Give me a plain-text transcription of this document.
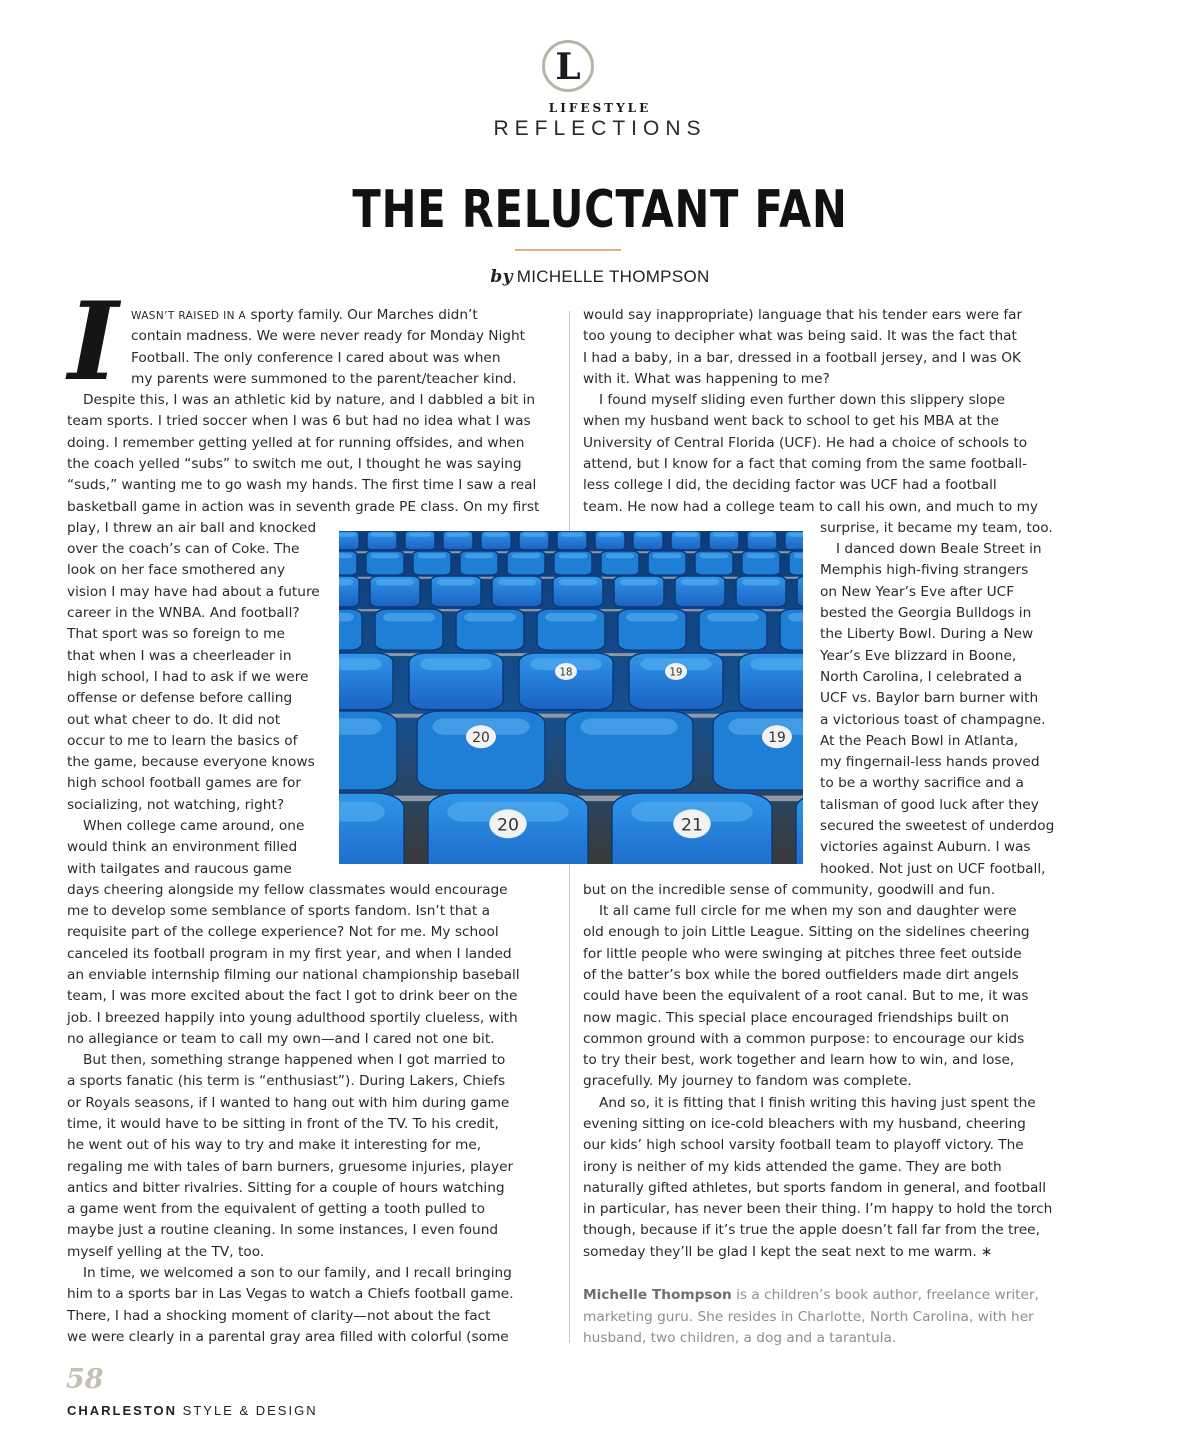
L
LIFESTYLE
REFLECTIONS
THE RELUCTANT FAN
by MICHELLE THOMPSON
I WASN’T RAISED IN A sporty family. Our Marches didn’t
contain madness. We were never ready for Monday Night
Football. The only conference I cared about was when
my parents were summoned to the parent/teacher kind.
Despite this, I was an athletic kid by nature, and I dabbled a bit in
team sports. I tried soccer when I was 6 but had no idea what I was
doing. I remember getting yelled at for running offsides, and when
the coach yelled “subs” to switch me out, I thought he was saying
“suds,” wanting me to go wash my hands. The first time I saw a real
basketball game in action was in seventh grade PE class. On my first
play, I threw an air ball and knocked
over the coach’s can of Coke. The
look on her face smothered any
vision I may have had about a future
career in the WNBA. And football?
That sport was so foreign to me
that when I was a cheerleader in
high school, I had to ask if we were
offense or defense before calling
out what cheer to do. It did not
occur to me to learn the basics of
the game, because everyone knows
high school football games are for
socializing, not watching, right?
When college came around, one
would think an environment filled
with tailgates and raucous game
days cheering alongside my fellow classmates would encourage
me to develop some semblance of sports fandom. Isn’t that a
requisite part of the college experience? Not for me. My school
canceled its football program in my first year, and when I landed
an enviable internship filming our national championship baseball
team, I was more excited about the fact I got to drink beer on the
job. I breezed happily into young adulthood sportily clueless, with
no allegiance or team to call my own—and I cared not one bit.
But then, something strange happened when I got married to
a sports fanatic (his term is “enthusiast”). During Lakers, Chiefs
or Royals seasons, if I wanted to hang out with him during game
time, it would have to be sitting in front of the TV. To his credit,
he went out of his way to try and make it interesting for me,
regaling me with tales of barn burners, gruesome injuries, player
antics and bitter rivalries. Sitting for a couple of hours watching
a game went from the equivalent of getting a tooth pulled to
maybe just a routine cleaning. In some instances, I even found
myself yelling at the TV, too.
In time, we welcomed a son to our family, and I recall bringing
him to a sports bar in Las Vegas to watch a Chiefs football game.
There, I had a shocking moment of clarity—not about the fact
we were clearly in a parental gray area filled with colorful (some
would say inappropriate) language that his tender ears were far
too young to decipher what was being said. It was the fact that
I had a baby, in a bar, dressed in a football jersey, and I was OK
with it. What was happening to me?
I found myself sliding even further down this slippery slope
when my husband went back to school to get his MBA at the
University of Central Florida (UCF). He had a choice of schools to
attend, but I know for a fact that coming from the same football-
less college I did, the deciding factor was UCF had a football
team. He now had a college team to call his own, and much to my
surprise, it became my team, too.
I danced down Beale Street in
Memphis high-fiving strangers
on New Year’s Eve after UCF
bested the Georgia Bulldogs in
the Liberty Bowl. During a New
Year’s Eve blizzard in Boone,
North Carolina, I celebrated a
UCF vs. Baylor barn burner with
a victorious toast of champagne.
At the Peach Bowl in Atlanta,
my fingernail-less hands proved
to be a worthy sacrifice and a
talisman of good luck after they
secured the sweetest of underdog
victories against Auburn. I was
hooked. Not just on UCF football,
but on the incredible sense of community, goodwill and fun.
It all came full circle for me when my son and daughter were
old enough to join Little League. Sitting on the sidelines cheering
for little people who were swinging at pitches three feet outside
of the batter’s box while the bored outfielders made dirt angels
could have been the equivalent of a root canal. But to me, it was
now magic. This special place encouraged friendships built on
common ground with a common purpose: to encourage our kids
to try their best, work together and learn how to win, and lose,
gracefully. My journey to fandom was complete.
And so, it is fitting that I finish writing this having just spent the
evening sitting on ice-cold bleachers with my husband, cheering
our kids’ high school varsity football team to playoff victory. The
irony is neither of my kids attended the game. They are both
naturally gifted athletes, but sports fandom in general, and football
in particular, has never been their thing. I’m happy to hold the torch
though, because if it’s true the apple doesn’t fall far from the tree,
someday they’ll be glad I kept the seat next to me warm. ∗
Michelle Thompson is a children’s book author, freelance writer,
marketing guru. She resides in Charlotte, North Carolina, with her
husband, two children, a dog and a tarantula.
18	19
20	19
20	21
58
CHARLESTON STYLE & DESIGN
